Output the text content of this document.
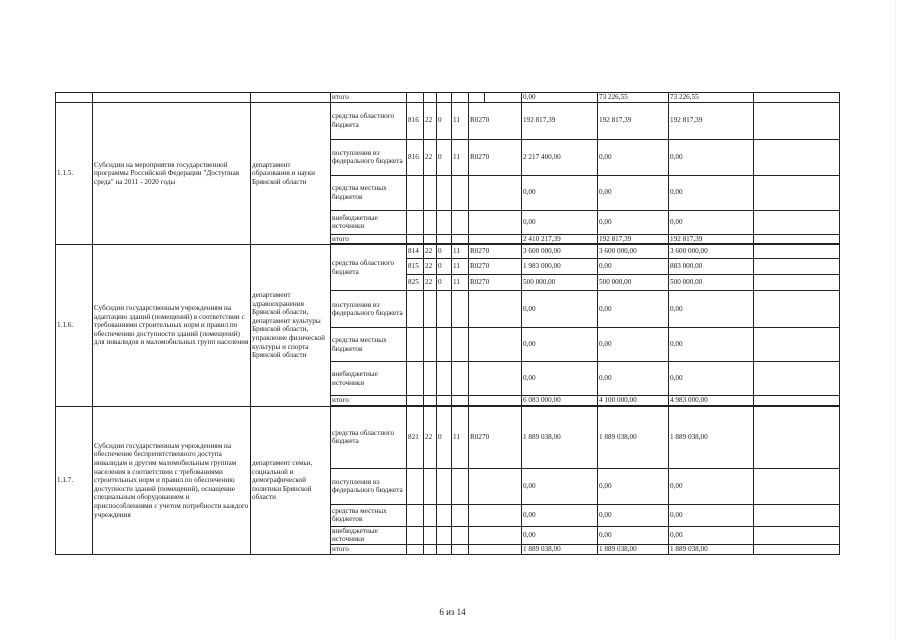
			итого							0,00	73 226,55	73 226,55	
1.1.5.	Субсидии на мероприятия государственной программы Российской Федерации "Доступная среда" на 2011 - 2020 годы	департамент образования и науки Брянской области	средства областного бюджета	816	22	0	11	R0270		192 817,39	192 817,39	192 817,39	
			поступления из федерального бюджета	816	22	0	11	R0270		2 217 400,00	0,00	0,00	
			средства местных бюджетов							0,00	0,00	0,00	
			внебюджетные источники							0,00	0,00	0,00	
			итого							2 410 217,39	192 817,39	192 817,39	

1.1.6.	Субсидии государственным учреждениям на адаптацию зданий (помещений) в соответствии с требованиями строительных норм и правил по обеспечению доступности зданий (помещений) для инвалидов и маломобильных групп населения	департамент здравоохранения Брянской области, департамент культуры Брянской области, управление физической культуры и спорта Брянской области	средства областного бюджета	814	22	0	11	R0270		3 600 000,00	3 600 000,00	3 600 000,00	
				815	22	0	11	R0270		1 983 000,00	0,00	883 000,00	
				825	22	0	11	R0270		500 000,00	500 000,00	500 000,00	
			поступления из федерального бюджета							0,00	0,00	0,00	
			средства местных бюджетов							0,00	0,00	0,00	
			внебюджетные источники							0,00	0,00	0,00	
			итого							6 083 000,00	4 100 000,00	4 983 000,00	

1.1.7.	Субсидии государственным учреждениям на обеспечение беспрепятственного доступа инвалидам и другим маломобильным группам населения в соответствии с требованиями строительных норм и правил по обеспечению доступности зданий (помещений), оснащение специальным оборудованием и приспособлениями с учетом потребности каждого учреждения	департамент семьи, социальной и демографической политики Брянской области	средства областного бюджета	821	22	0	11	R0270		1 889 038,00	1 889 038,00	1 889 038,00	
			поступления из федерального бюджета							0,00	0,00	0,00	
			средства местных бюджетов							0,00	0,00	0,00	
			внебюджетные источники							0,00	0,00	0,00	
			итого							1 889 038,00	1 889 038,00	1 889 038,00	

6 из 14
